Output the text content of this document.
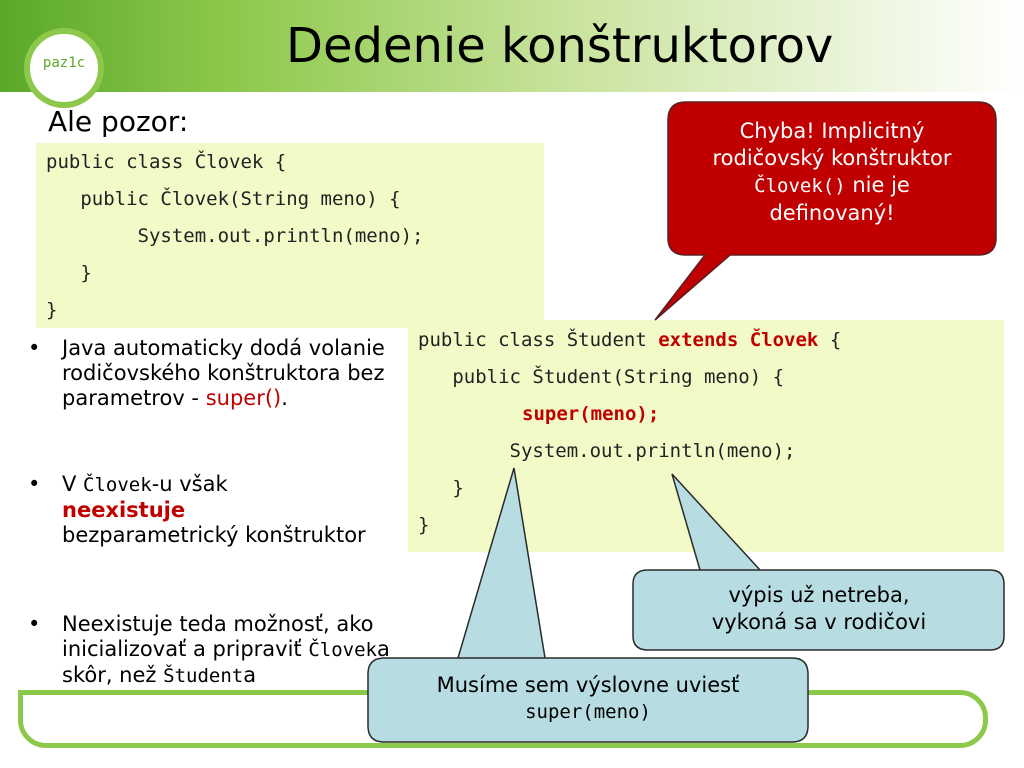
Dedenie konštruktorov
paz1c
Ale pozor:
public class Človek {
public Človek(String meno) {
System.out.println(meno);
}
}
public class Študent extends Človek {
public Študent(String meno) {
super(meno);
System.out.println(meno);
}
}
• Java automaticky dodá volanie rodičovského konštruktora bez parametrov - super().
• V Človek-u však
neexistuje
bezparametrický konštruktor
• Neexistuje teda možnosť, ako inicializovať a pripraviť Človeka skôr, než Študenta
Chyba! Implicitný
rodičovský konštruktor
Človek() nie je
definovaný!
výpis už netreba,
vykoná sa v rodičovi
Musíme sem výslovne uviesť
super(meno)
